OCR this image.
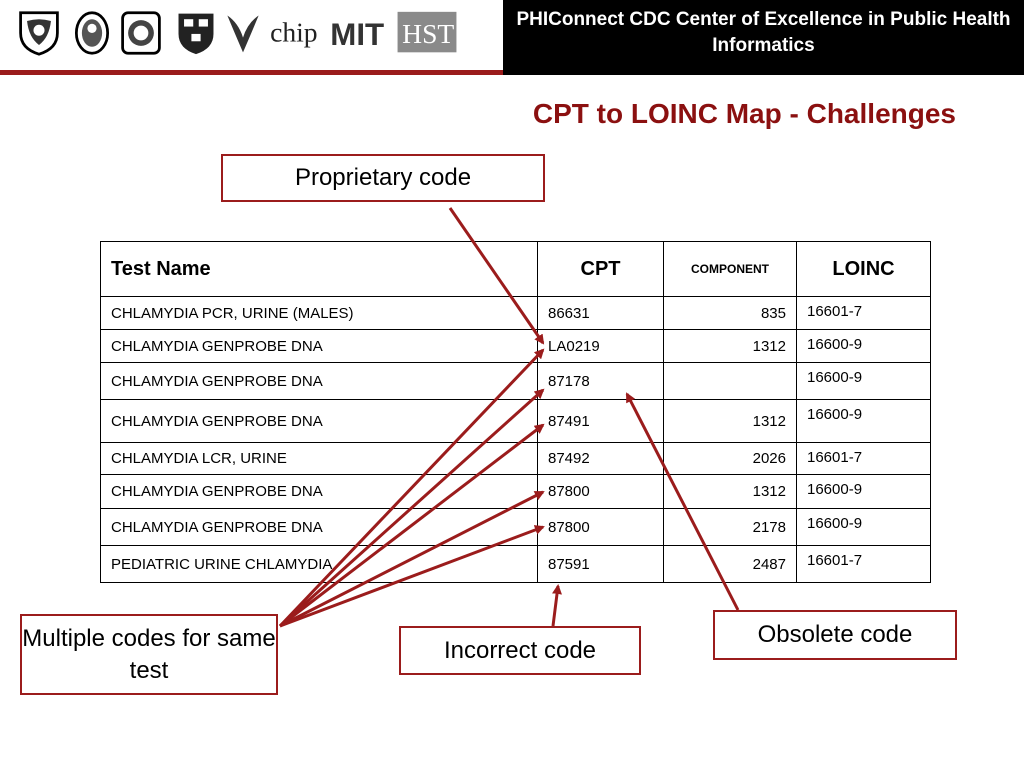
PHIConnect CDC Center of Excellence in Public Health Informatics
chip MIT HST
CPT to LOINC Map - Challenges
Test Name	CPT	COMPONENT	LOINC
CHLAMYDIA PCR, URINE (MALES)	86631	835	16601-7
CHLAMYDIA GENPROBE DNA	LA0219	1312	16600-9
CHLAMYDIA GENPROBE DNA	87178		16600-9
CHLAMYDIA GENPROBE DNA	87491	1312	16600-9
CHLAMYDIA LCR, URINE	87492	2026	16601-7
CHLAMYDIA GENPROBE DNA	87800	1312	16600-9
CHLAMYDIA GENPROBE DNA	87800	2178	16600-9
PEDIATRIC URINE CHLAMYDIA	87591	2487	16601-7
Proprietary code
Multiple codes for same test
Incorrect code
Obsolete code
